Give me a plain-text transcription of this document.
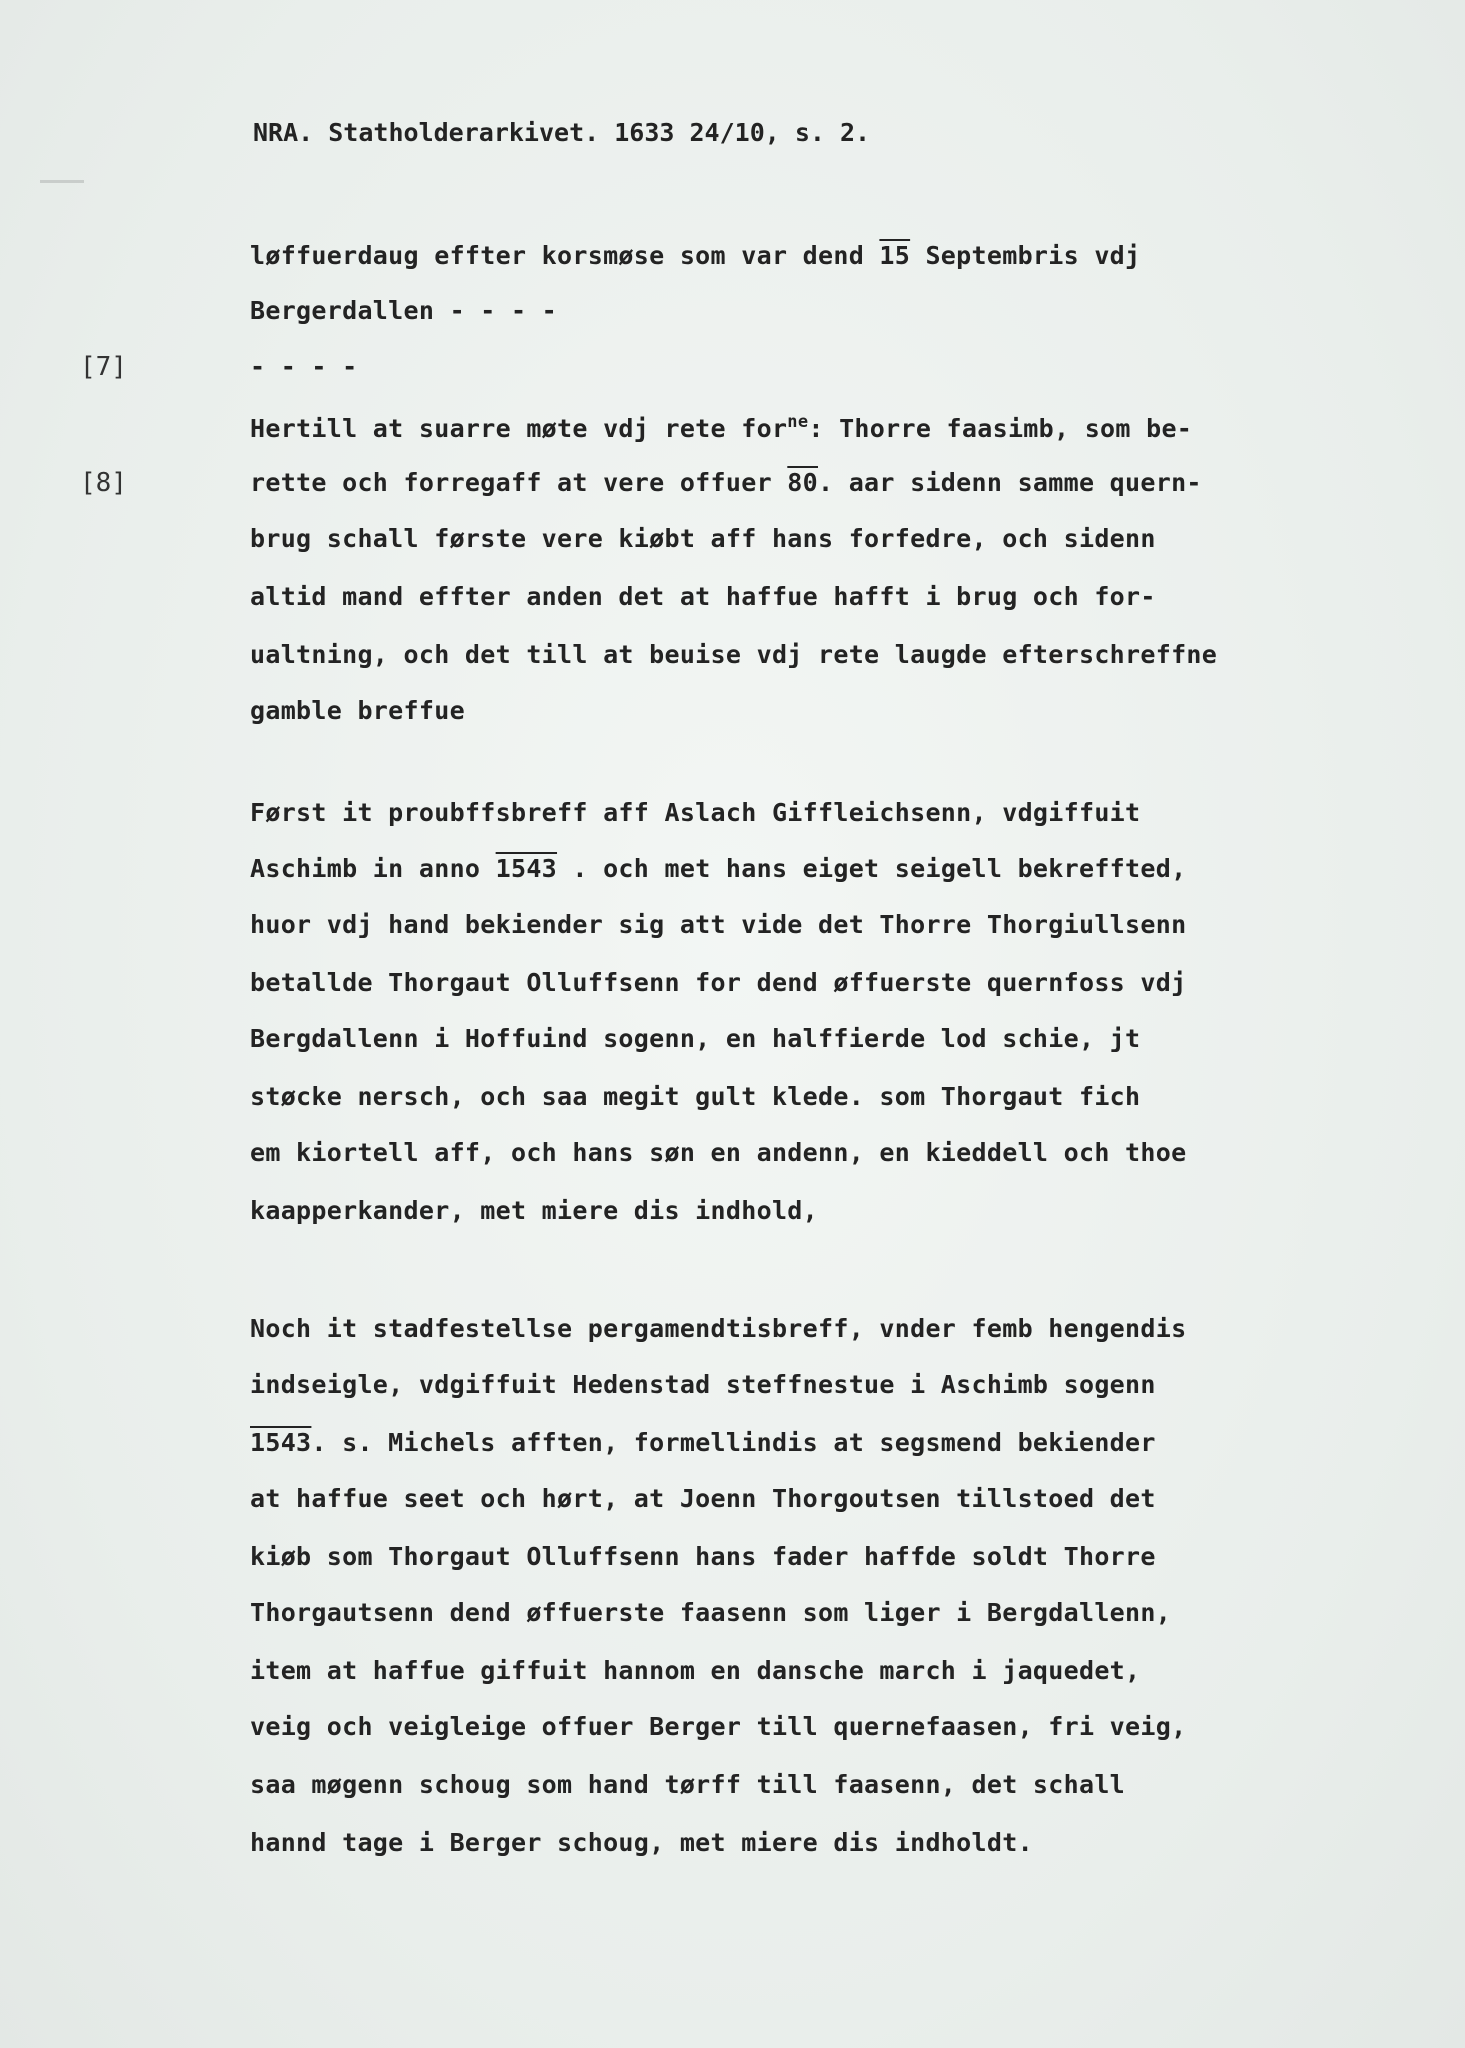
NRA. Statholderarkivet. 1633 24/10, s. 2.
[7]
[8]
løffuerdaug effter korsmøse som var dend 15 Septembris vdj
Bergerdallen - - - -
- - - -
Hertill at suarre møte vdj rete for$^{ne}$: Thorre faasimb, som be-
rette och forregaff at vere offuer 80. aar sidenn samme quern-
brug schall første vere kiøbt aff hans forfedre, och sidenn
altid mand effter anden det at haffue hafft i brug och for-
ualtning, och det till at beuise vdj rete laugde efterschreffne
gamble breffue
Først it proubffsbreff aff Aslach Giffleichsenn, vdgiffuit
Aschimb in anno 1543 . och met hans eiget seigell bekreffted,
huor vdj hand bekiender sig att vide det Thorre Thorgiullsenn
betallde Thorgaut Olluffsenn for dend øffuerste quernfoss vdj
Bergdallenn i Hoffuind sogenn, en halffierde lod schie, jt
støcke nersch, och saa megit gult klede. som Thorgaut fich
em kiortell aff, och hans søn en andenn, en kieddell och thoe
kaapperkander, met miere dis indhold,
Noch it stadfestellse pergamendtisbreff, vnder femb hengendis
indseigle, vdgiffuit Hedenstad steffnestue i Aschimb sogenn
1543. s. Michels afften, formellindis at segsmend bekiender
at haffue seet och hørt, at Joenn Thorgoutsen tillstoed det
kiøb som Thorgaut Olluffsenn hans fader haffde soldt Thorre
Thorgautsenn dend øffuerste faasenn som liger i Bergdallenn,
item at haffue giffuit hannom en dansche march i jaquedet,
veig och veigleige offuer Berger till quernefaasen, fri veig,
saa møgenn schoug som hand tørff till faasenn, det schall
hannd tage i Berger schoug, met miere dis indholdt.
